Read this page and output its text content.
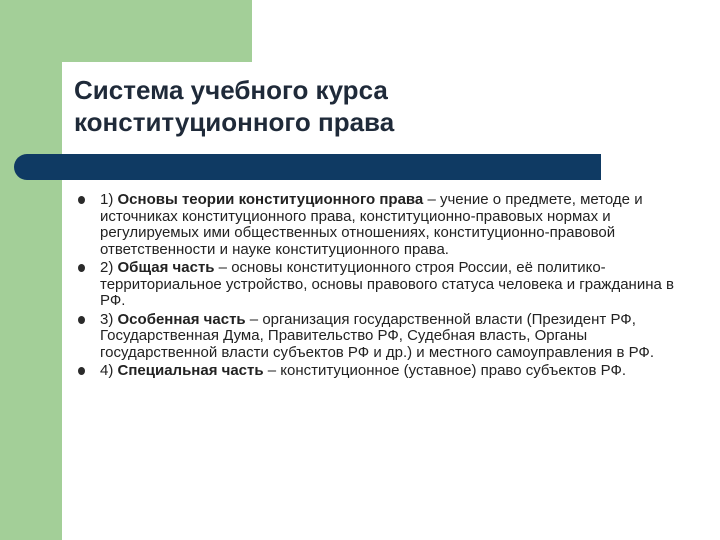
Система учебного курса
конституционного права
1) Основы теории конституционного права – учение о предмете, методе и источниках конституционного права, конституционно-правовых нормах и регулируемых ими общественных отношениях, конституционно-правовой ответственности и науке конституционного права.
2) Общая часть – основы конституционного строя России, её политико-территориальное устройство, основы правового статуса человека и гражданина в РФ.
3) Особенная часть – организация государственной власти (Президент РФ, Государственная Дума, Правительство РФ, Судебная власть, Органы государственной власти субъектов РФ и др.) и местного самоуправления в РФ.
4) Специальная часть – конституционное (уставное) право субъектов РФ.
